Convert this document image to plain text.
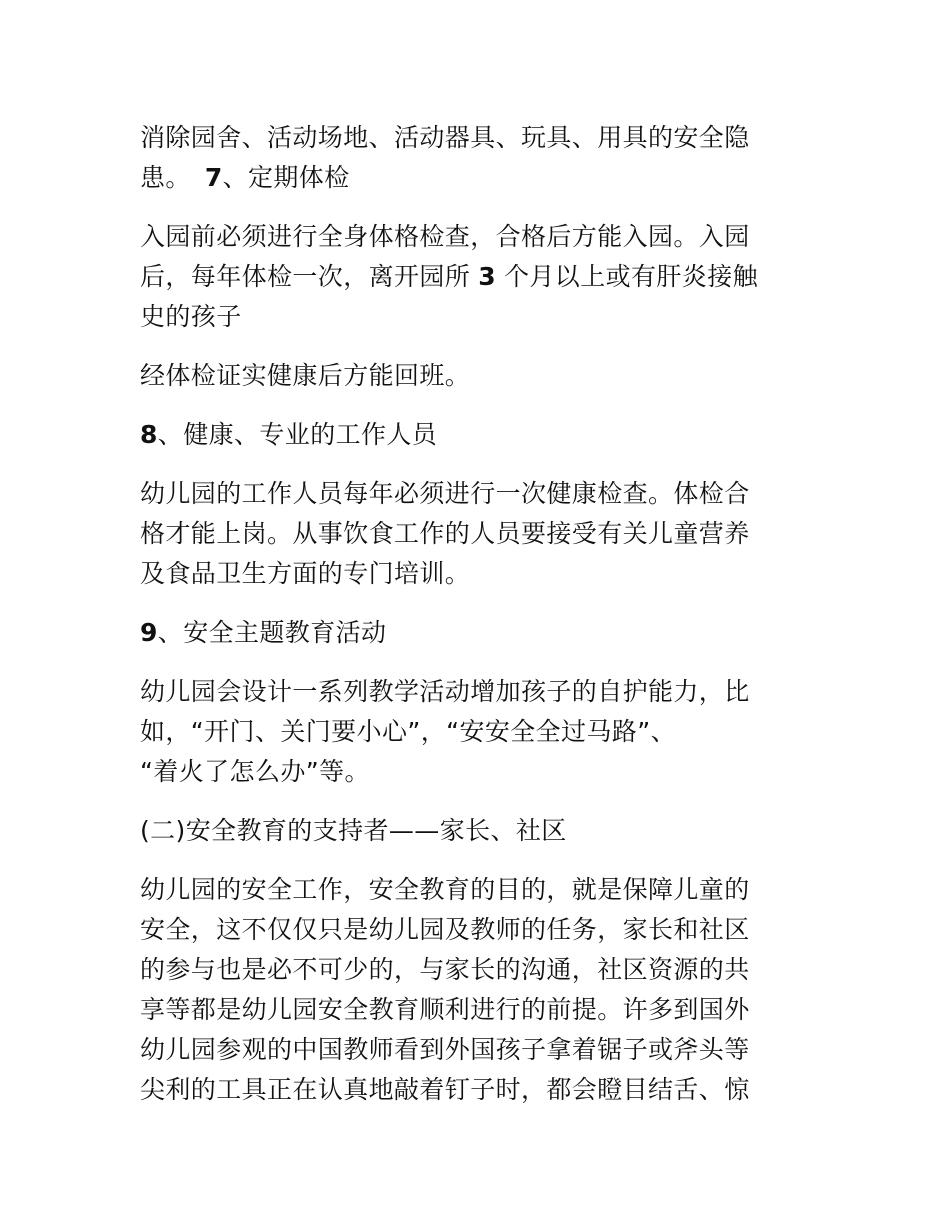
消除园舍、活动场地、活动器具、玩具、用具的安全隐
患。 7、定期体检
入园前必须进行全身体格检查，合格后方能入园。入园
后，每年体检一次，离开园所 3 个月以上或有肝炎接触
史的孩子
经体检证实健康后方能回班。
8、健康、专业的工作人员
幼儿园的工作人员每年必须进行一次健康检查。体检合
格才能上岗。从事饮食工作的人员要接受有关儿童营养
及食品卫生方面的专门培训。
9、安全主题教育活动
幼儿园会设计一系列教学活动增加孩子的自护能力，比
如，“开门、关门要小心”，“安安全全过马路”、
“着火了怎么办”等。
(二)安全教育的支持者——家长、社区
幼儿园的安全工作，安全教育的目的，就是保障儿童的
安全，这不仅仅只是幼儿园及教师的任务，家长和社区
的参与也是必不可少的，与家长的沟通，社区资源的共
享等都是幼儿园安全教育顺利进行的前提。许多到国外
幼儿园参观的中国教师看到外国孩子拿着锯子或斧头等
尖利的工具正在认真地敲着钉子时，都会瞪目结舌、惊
